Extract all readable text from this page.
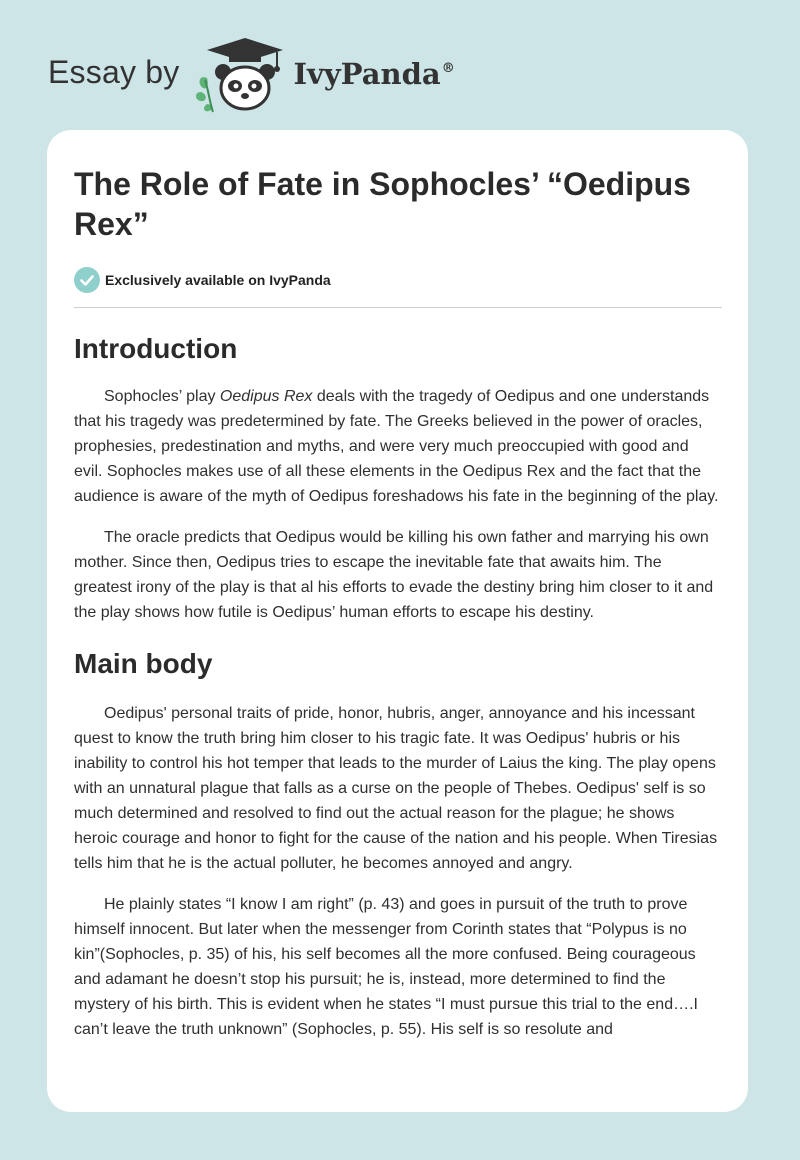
Essay by	IvyPanda®
The Role of Fate in Sophocles’ “Oedipus Rex”
Exclusively available on IvyPanda
Introduction

Sophocles’ play Oedipus Rex deals with the tragedy of Oedipus and one understands that his tragedy was predetermined by fate. The Greeks believed in the power of oracles, prophesies, predestination and myths, and were very much preoccupied with good and evil. Sophocles makes use of all these elements in the Oedipus Rex and the fact that the audience is aware of the myth of Oedipus foreshadows his fate in the beginning of the play.

The oracle predicts that Oedipus would be killing his own father and marrying his own mother. Since then, Oedipus tries to escape the inevitable fate that awaits him. The greatest irony of the play is that al his efforts to evade the destiny bring him closer to it and the play shows how futile is Oedipus’ human efforts to escape his destiny.

Main body

Oedipus' personal traits of pride, honor, hubris, anger, annoyance and his incessant quest to know the truth bring him closer to his tragic fate. It was Oedipus' hubris or his inability to control his hot temper that leads to the murder of Laius the king. The play opens with an unnatural plague that falls as a curse on the people of Thebes. Oedipus' self is so much determined and resolved to find out the actual reason for the plague; he shows heroic courage and honor to fight for the cause of the nation and his people. When Tiresias tells him that he is the actual polluter, he becomes annoyed and angry.

He plainly states “I know I am right” (p. 43) and goes in pursuit of the truth to prove himself innocent. But later when the messenger from Corinth states that “Polypus is no kin”(Sophocles, p. 35) of his, his self becomes all the more confused. Being courageous and adamant he doesn’t stop his pursuit; he is, instead, more determined to find the mystery of his birth. This is evident when he states “I must pursue this trial to the end….I can’t leave the truth unknown” (Sophocles, p. 55). His self is so resolute and
